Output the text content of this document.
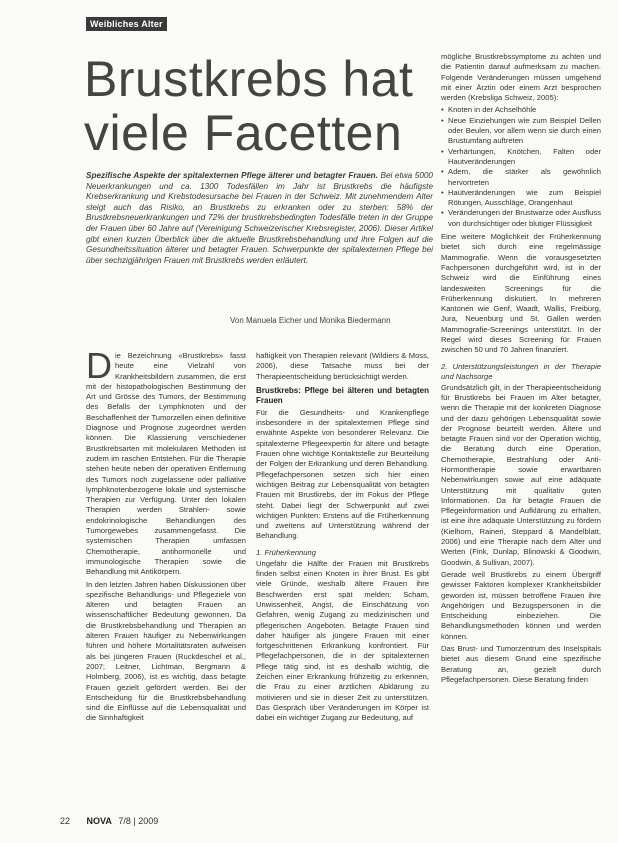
Weibliches Alter
Brustkrebs hat
viele Facetten
Spezifische Aspekte der spitalexternen Pflege älterer und betagter Frauen. Bei etwa 5000 Neuerkrankungen und ca. 1300 Todesfällen im Jahr ist Brustkrebs die häufigste Krebserkrankung und Krebstodesursache bei Frauen in der Schweiz. Mit zunehmendem Alter steigt auch das Risiko, an Brustkrebs zu erkranken oder zu sterben: 58% der Brustkrebsneuerkrankungen und 72% der brustkrebsbedingten Todesfälle treten in der Gruppe der Frauen über 60 Jahre auf (Vereinigung Schweizerischer Krebsregister, 2006). Dieser Artikel gibt einen kurzen Überblick über die aktuelle Brustkrebsbehandlung und ihre Folgen auf die Gesundheitssituation älterer und betagter Frauen. Schwerpunkte der spitalexternen Pflege bei über sechzigjährigen Frauen mit Brustkrebs werden erläutert.
Von Manuela Eicher und Monika Biedermann

Die Bezeichnung «Brustkrebs» fasst heute eine Vielzahl von Krankheitsbildern zusammen, die erst mit der histopathologischen Bestimmung der Art und Grösse des Tumors, der Bestimmung des Befalls der Lymphknoten und der Beschaffenheit der Tumorzellen einen definitive Diagnose und Prognose zugeordnet werden können. Die Klassierung verschiedener Brustkrebsarten mit molekularen Methoden ist zudem im raschen Entstehen. Für die Therapie stehen heute neben der operativen Entfernung des Tumors noch zugelassene oder palliative lymphknotenbezogene lokale und systemische Therapien zur Verfügung. Unter den lokalen Therapien werden Strahlen- sowie endokrinologische Behandlungen des Tumorgewebes zusammengefasst. Die systemischen Therapien umfassen Chemotherapie, antihormonelle und immunologische Therapien sowie die Behandlung mit Antikörpern.

In den letzten Jahren haben Diskussionen über spezifische Behandlungs- und Pflegeziele von älteren und betagten Frauen an wissenschaftlicher Bedeutung gewonnen. Da die Brustkrebsbehandlung und Therapien an älteren Frauen häufiger zu Nebenwirkungen führen und höhere Mortalitätsraten aufweisen als bei jüngeren Frauen (Ruckdeschel et al., 2007; Leitner, Lichtman, Bergmann & Holmberg, 2006), ist es wichtig, dass betagte Frauen gezielt gefördert werden. Bei der Entscheidung für die Brustkrebsbehandlung sind die Einflüsse auf die Lebensqualität und die Sinnhaftigkeit

haftigkeit von Therapien relevant (Wildiers & Moss, 2006), diese Tatsache muss bei der Therapieentscheidung berücksichtigt werden.

Brustkrebs: Pflege bei älteren und betagten Frauen

Für die Gesundheits- und Krankenpflege insbesondere in der spitalexternen Pflege sind erwähnte Aspekte von besonderer Relevanz. Die spitalexterne Pflegeexpertin für ältere und betagte Frauen ohne wichtige Kontaktstelle zur Beurteilung der Folgen der Erkrankung und deren Behandlung. Pflegefachpersonen setzen sich hier einen wichtigen Beitrag zur Lebensqualität von betagten Frauen mit Brustkrebs, der im Fokus der Pflege steht. Dabei liegt der Schwerpunkt auf zwei wichtigen Punkten: Erstens auf die Früherkennung und zweitens auf Unterstützung während der Behandlung.

1. Früherkennung

Ungefähr die Hälfte der Frauen mit Brustkrebs finden selbst einen Knoten in ihrer Brust. Es gibt viele Gründe, weshalb ältere Frauen ihre Beschwerden erst spät melden: Scham, Unwissenheit, Angst, die Einschätzung von Gefahren, wenig Zugang zu medizinischen und pflegerischen Angeboten. Betagte Frauen sind daher häufiger als jüngere Frauen mit einer fortgeschrittenen Erkrankung konfrontiert. Für Pflegefachpersonen, die in der spitalexternen Pflege tätig sind, ist es deshalb wichtig, die Zeichen einer Erkrankung frühzeitig zu erkennen, die Frau zu einer ärztlichen Abklärung zu motivieren und sie in dieser Zeit zu unterstützen. Das Gespräch über Veränderungen im Körper ist dabei ein wichtiger Zugang zur Bedeutung, auf

mögliche Brustkrebssymptome zu achten und die Patientin darauf aufmerksam zu machen. Folgende Veränderungen müssen umgehend mit einer Ärztin oder einem Arzt besprochen werden (Krebsliga Schweiz, 2005):

• Knoten in der Achselhöhle
• Neue Einziehungen wie zum Beispiel Dellen oder Beulen, vor allem wenn sie durch einen Brustumfang auftreten
• Verhärtungen, Knötchen, Falten oder Hautveränderungen
• Adern, die stärker als gewöhnlich hervortreten
• Hautveränderungen wie zum Beispiel Rötungen, Ausschläge, Orangenhaut
• Veränderungen der Brustwarze oder Ausfluss von durchsichtiger oder blutiger Flüssigkeit

Eine weitere Möglichkeit der Früherkennung bietet sich durch eine regelmässige Mammografie. Wenn die vorausgesetzten Fachpersonen durchgeführt wird, ist in der Schweiz wird die Einführung eines landesweiten Screenings für die Früherkennung diskutiert. In mehreren Kantonen wie Genf, Waadt, Wallis, Freiburg, Jura, Neuenburg und St. Gallen werden Mammografie-Screenings unterstützt. In der Regel wird dieses Screening für Frauen zwischen 50 und 70 Jahren finanziert.

2. Unterstützungsleistungen in der Therapie und Nachsorge

Grundsätzlich gilt, in der Therapieentscheidung für Brustkrebs bei Frauen im Alter betagter, wenn die Therapie mit der konkreten Diagnose und der dazu gehörigen Lebensqualität sowie der Prognose beurteilt werden. Ältere und betagte Frauen sind vor der Operation wichtig, die Beratung durch eine Operation, Chemotherapie, Bestrahlung oder Anti-Hormontherapie sowie erwartbaren Nebenwirkungen sowie auf eine adäquate Unterstützung mit qualitativ guten Informationen. Da für betagte Frauen die Pflegeinformation und Aufklärung zu erhalten, ist eine ihre adäquate Unterstützung zu fördern (Kielhorn, Raineri, Steppard & Mandelblatt, 2006) und eine Therapie nach dem Alter und Werten (Fink, Dunlap, Blinowski & Goodwin, Goodwin, & Sullivan, 2007).

Gerade weil Brustkrebs zu einem Übergriff gewisser Faktoren komplexer Krankheitsbilder geworden ist, müssen betroffene Frauen ihre Angehörigen und Bezugspersonen in die Entscheidung einbeziehen. Die Behandlungsmethoden können und werden können.

Das Brust- und Tumorzentrum des Inselspitals bietet aus diesem Grund eine spezifische Beratung an, gezielt durch Pflegefachpersonen. Diese Beratung finden

22 NOVA 7/8 | 2009
